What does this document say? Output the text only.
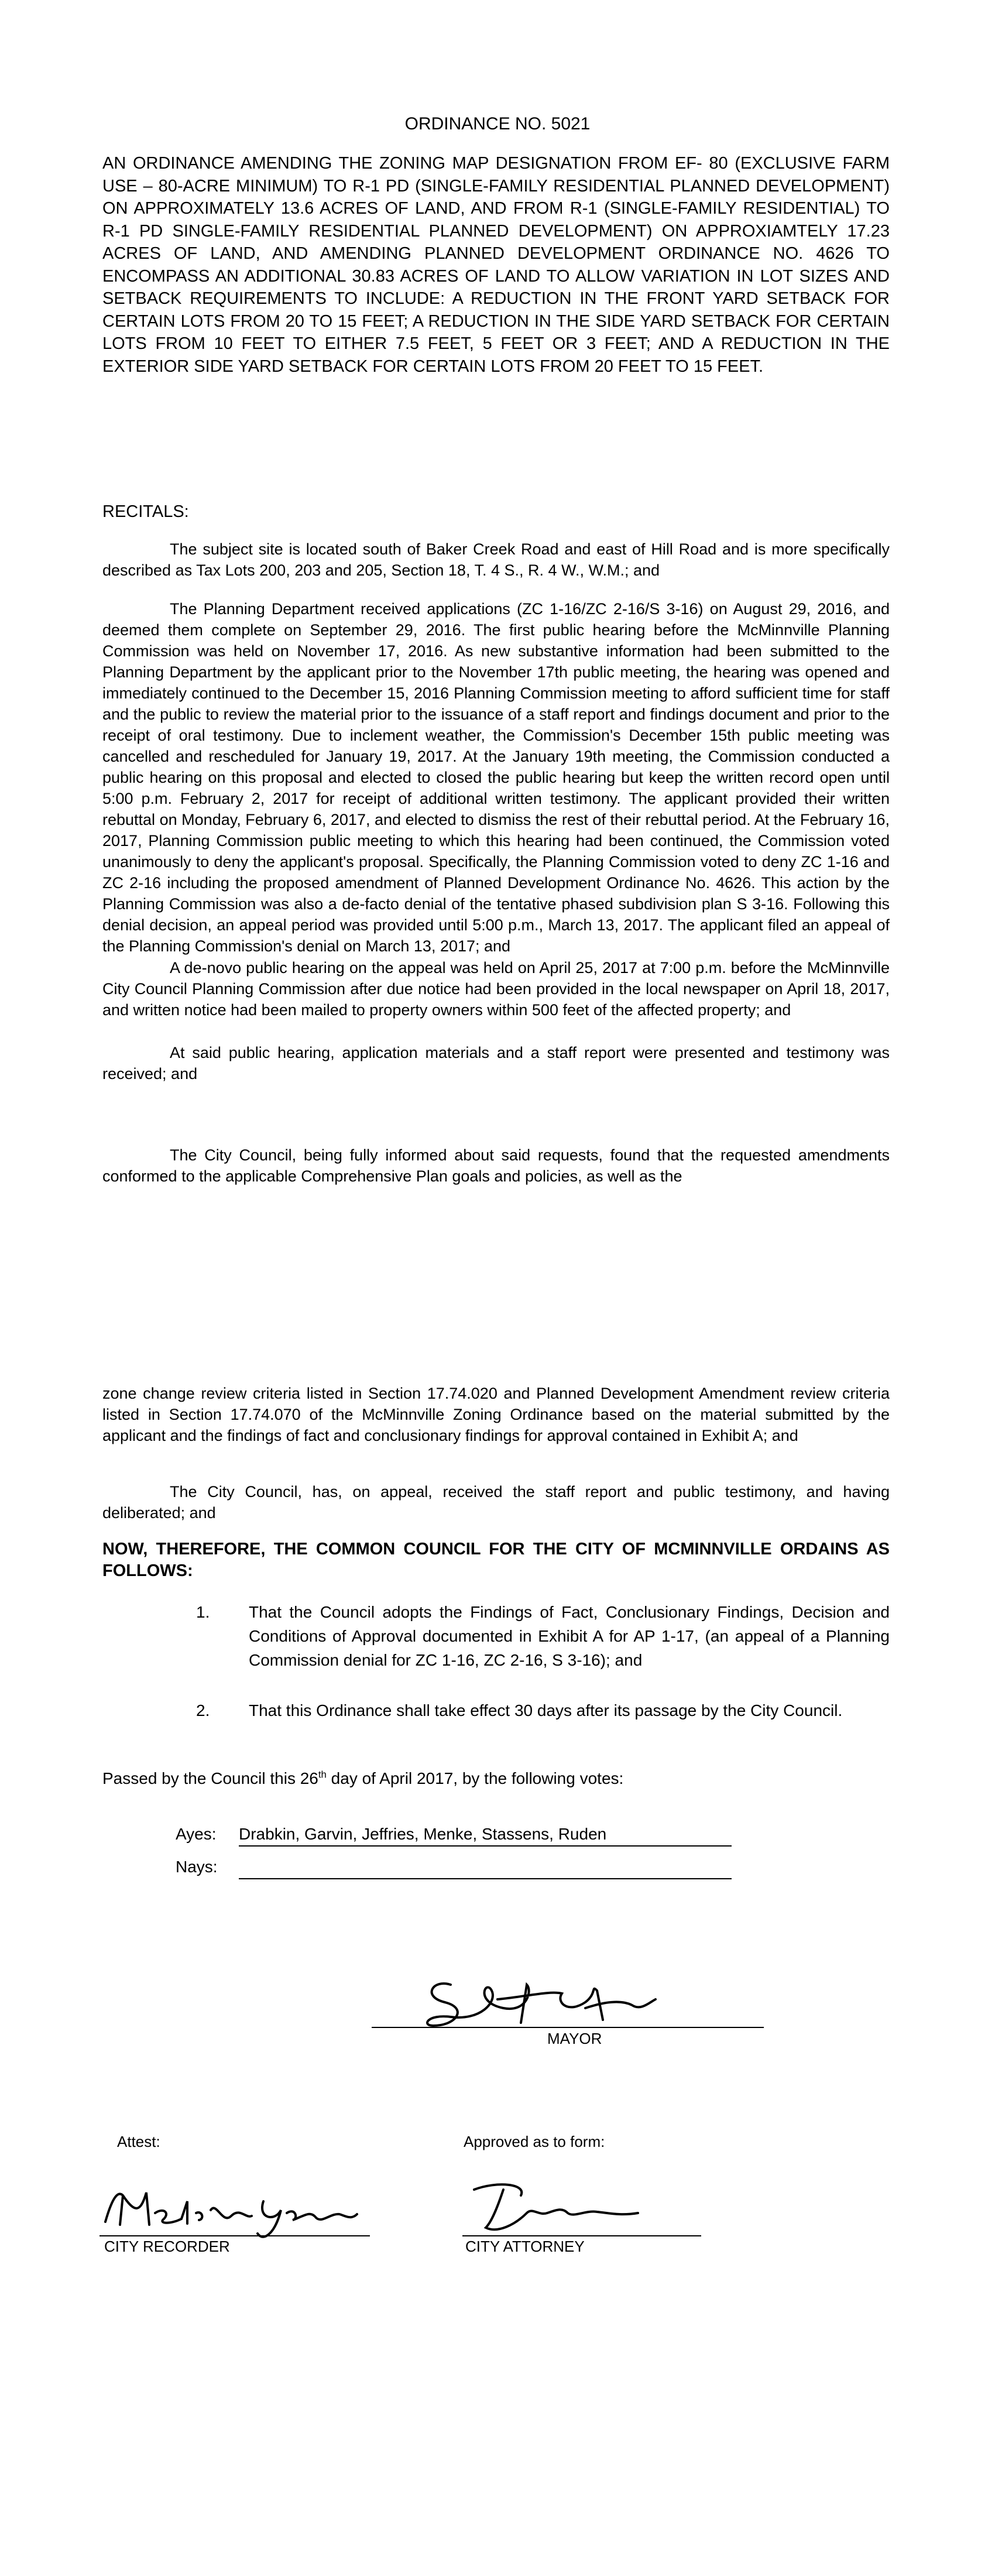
ORDINANCE NO. 5021
AN ORDINANCE AMENDING THE ZONING MAP DESIGNATION FROM EF- 80 (EXCLUSIVE FARM USE – 80-ACRE MINIMUM) TO R-1 PD (SINGLE-FAMILY RESIDENTIAL PLANNED DEVELOPMENT) ON APPROXIMATELY 13.6 ACRES OF LAND, AND FROM R-1 (SINGLE-FAMILY RESIDENTIAL) TO R-1 PD SINGLE-FAMILY RESIDENTIAL PLANNED DEVELOPMENT) ON APPROXIAMTELY 17.23 ACRES OF LAND, AND AMENDING PLANNED DEVELOPMENT ORDINANCE NO. 4626 TO ENCOMPASS AN ADDITIONAL 30.83 ACRES OF LAND TO ALLOW VARIATION IN LOT SIZES AND SETBACK REQUIREMENTS TO INCLUDE: A REDUCTION IN THE FRONT YARD SETBACK FOR CERTAIN LOTS FROM 20 TO 15 FEET; A REDUCTION IN THE SIDE YARD SETBACK FOR CERTAIN LOTS FROM 10 FEET TO EITHER 7.5 FEET, 5 FEET OR 3 FEET; AND A REDUCTION IN THE EXTERIOR SIDE YARD SETBACK FOR CERTAIN LOTS FROM 20 FEET TO 15 FEET.
RECITALS:
The subject site is located south of Baker Creek Road and east of Hill Road and is more specifically described as Tax Lots 200, 203 and 205, Section 18, T. 4 S., R. 4 W., W.M.; and
The Planning Department received applications (ZC 1-16/ZC 2-16/S 3-16) on August 29, 2016, and deemed them complete on September 29, 2016. The first public hearing before the McMinnville Planning Commission was held on November 17, 2016. As new substantive information had been submitted to the Planning Department by the applicant prior to the November 17th public meeting, the hearing was opened and immediately continued to the December 15, 2016 Planning Commission meeting to afford sufficient time for staff and the public to review the material prior to the issuance of a staff report and findings document and prior to the receipt of oral testimony. Due to inclement weather, the Commission's December 15th public meeting was cancelled and rescheduled for January 19, 2017. At the January 19th meeting, the Commission conducted a public hearing on this proposal and elected to closed the public hearing but keep the written record open until 5:00 p.m. February 2, 2017 for receipt of additional written testimony. The applicant provided their written rebuttal on Monday, February 6, 2017, and elected to dismiss the rest of their rebuttal period. At the February 16, 2017, Planning Commission public meeting to which this hearing had been continued, the Commission voted unanimously to deny the applicant's proposal. Specifically, the Planning Commission voted to deny ZC 1-16 and ZC 2-16 including the proposed amendment of Planned Development Ordinance No. 4626. This action by the Planning Commission was also a de-facto denial of the tentative phased subdivision plan S 3-16. Following this denial decision, an appeal period was provided until 5:00 p.m., March 13, 2017. The applicant filed an appeal of the Planning Commission's denial on March 13, 2017; and
A de-novo public hearing on the appeal was held on April 25, 2017 at 7:00 p.m. before the McMinnville City Council Planning Commission after due notice had been provided in the local newspaper on April 18, 2017, and written notice had been mailed to property owners within 500 feet of the affected property; and
At said public hearing, application materials and a staff report were presented and testimony was received; and
The City Council, being fully informed about said requests, found that the requested amendments conformed to the applicable Comprehensive Plan goals and policies, as well as the
zone change review criteria listed in Section 17.74.020 and Planned Development Amendment review criteria listed in Section 17.74.070 of the McMinnville Zoning Ordinance based on the material submitted by the applicant and the findings of fact and conclusionary findings for approval contained in Exhibit A; and
The City Council, has, on appeal, received the staff report and public testimony, and having deliberated; and
NOW, THEREFORE, THE COMMON COUNCIL FOR THE CITY OF MCMINNVILLE ORDAINS AS FOLLOWS:
1. That the Council adopts the Findings of Fact, Conclusionary Findings, Decision and Conditions of Approval documented in Exhibit A for AP 1-17, (an appeal of a Planning Commission denial for ZC 1-16, ZC 2-16, S 3-16); and
2. That this Ordinance shall take effect 30 days after its passage by the City Council.
Passed by the Council this 26th day of April 2017, by the following votes:
Ayes: Drabkin, Garvin, Jeffries, Menke, Stassens, Ruden
Nays:
MAYOR
Attest:	Approved as to form:
CITY RECORDER	CITY ATTORNEY
